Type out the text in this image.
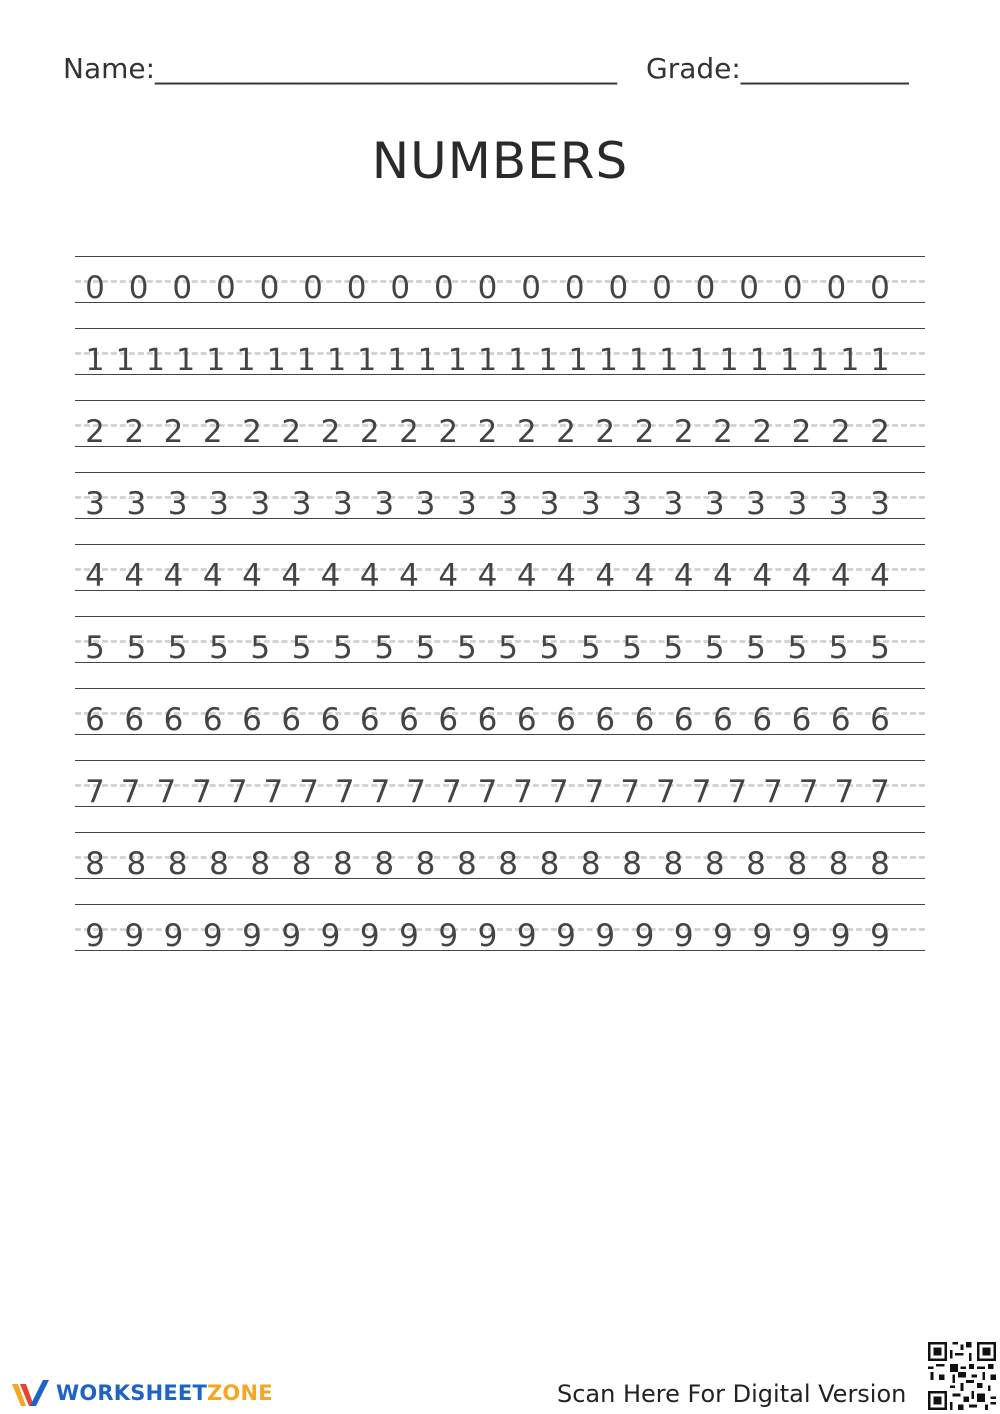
Name:_________________________________ Grade:____________
NUMBERS
0 0 0 0 0 0 0 0 0 0 0 0 0 0 0 0 0 0 0
1 1 1 1 1 1 1 1 1 1 1 1 1 1 1 1 1 1 1 1 1 1 1 1 1 1 1
2 2 2 2 2 2 2 2 2 2 2 2 2 2 2 2 2 2 2 2 2
3 3 3 3 3 3 3 3 3 3 3 3 3 3 3 3 3 3 3 3
4 4 4 4 4 4 4 4 4 4 4 4 4 4 4 4 4 4 4 4 4
5 5 5 5 5 5 5 5 5 5 5 5 5 5 5 5 5 5 5 5
6 6 6 6 6 6 6 6 6 6 6 6 6 6 6 6 6 6 6 6 6
7 7 7 7 7 7 7 7 7 7 7 7 7 7 7 7 7 7 7 7 7 7 7
8 8 8 8 8 8 8 8 8 8 8 8 8 8 8 8 8 8 8 8
9 9 9 9 9 9 9 9 9 9 9 9 9 9 9 9 9 9 9 9 9
WORKSHEETZONE	Scan Here For Digital Version
